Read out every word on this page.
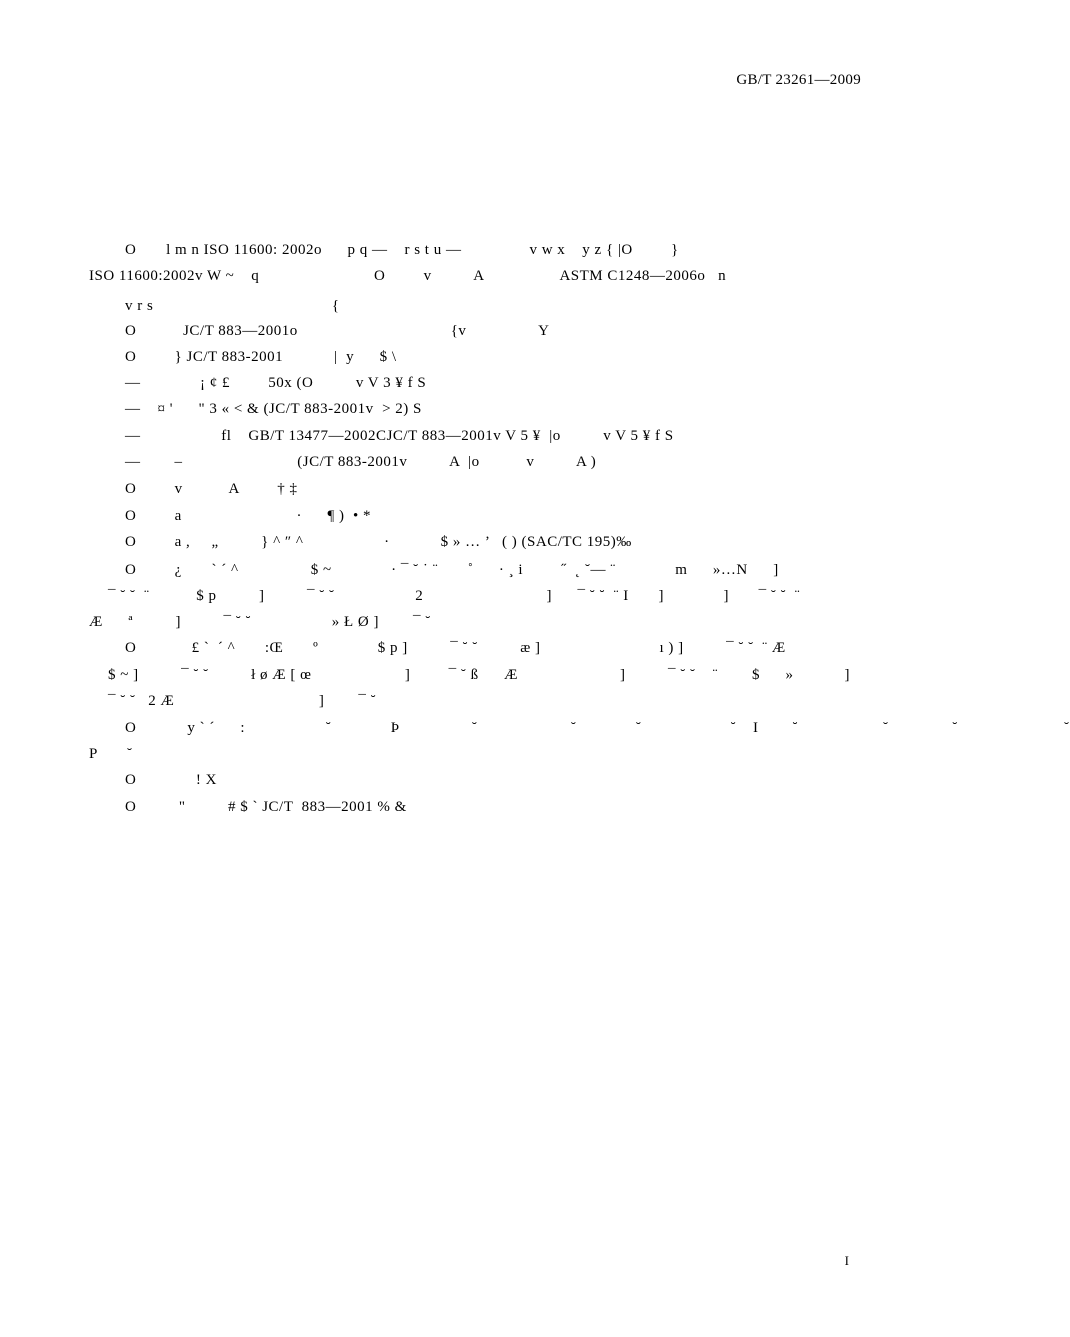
GB/T 23261—2009
O       l m n ISO 11600: 2002o      p q —    r s t u —                v w x    y z { |O         }
ISO 11600:2002v W ~    q                           O         v          A                  ASTM C1248—2006o   n
v r s                                          {
O           JC/T 883—2001o                                    {v                 Y
O         } JC/T 883-2001            |  y      $ \
—              ¡ ¢ £         50x (O          v V 3 ¥ f S
—    ¤ '      " 3 « < & (JC/T 883-2001v  > 2) S
—                   fl    GB/T 13477—2002CJC/T 883—2001v V 5 ¥  |o          v V 5 ¥ f S
—        –                           (JC/T 883-2001v          A  |o           v          A )
O         v           A         † ‡
O         a                           ·      ¶ )  • *
O         a ,     „          } ^ ″ ^                   ·            $ » … ’   ( ) (SAC/TC 195)‰
O         ¿       ` ´ ^                 $ ~              · ¯ ˘ ˙ ¨       ˚      · ¸ i         ˝  ˛ ˘— ¨              m      »…N      ]
¯ ˘ ˘  ¨           $ p          ]          ¯ ˘ ˘                   2                             ]      ¯ ˘ ˘  ¨ I       ]              ]       ¯ ˘ ˘  ¨
Æ      ª          ]          ¯ ˘ ˘                   » Ł Ø ]        ¯ ˘
O             £ `  ´ ^       :Œ       º              $ p ]          ¯ ˘ ˘          æ ]                            ı ) ]          ¯ ˘ ˘  ¨ Æ
$ ~ ]          ¯ ˘ ˘          ł ø Æ [ œ                      ]         ¯ ˘ ß      Æ                        ]          ¯ ˘ ˘    ¨        $      »            ]
¯ ˘ ˘   2 Æ                                  ]        ¯ ˘
O            y ` ´      :                   ˘              Þ                 ˘                      ˘              ˘                     ˘    I        ˘                    ˘               ˘                         ˘
P       ˘
O              ! X
O          "          # $ ` JC/T  883—2001 % &
I
